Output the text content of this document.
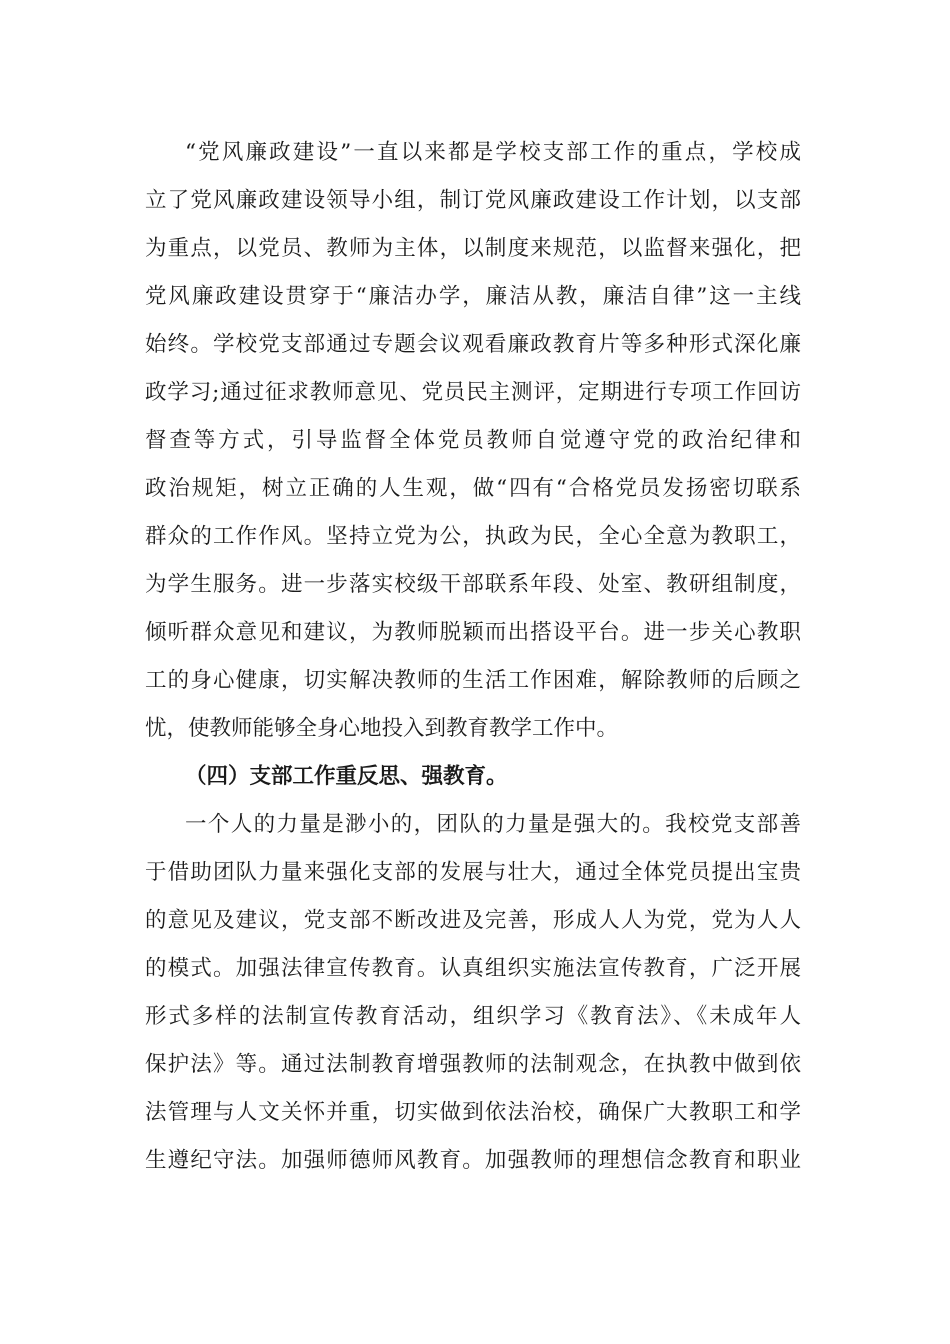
“党风廉政建设”一直以来都是学校支部工作的重点，学校成
立了党风廉政建设领导小组，制订党风廉政建设工作计划，以支部
为重点，以党员、教师为主体，以制度来规范，以监督来强化，把
党风廉政建设贯穿于“廉洁办学，廉洁从教，廉洁自律”这一主线
始终。学校党支部通过专题会议观看廉政教育片等多种形式深化廉
政学习;通过征求教师意见、党员民主测评，定期进行专项工作回访
督查等方式，引导监督全体党员教师自觉遵守党的政治纪律和
政治规矩，树立正确的人生观，做“四有“合格党员发扬密切联系
群众的工作作风。坚持立党为公，执政为民，全心全意为教职工，
为学生服务。进一步落实校级干部联系年段、处室、教研组制度，
倾听群众意见和建议，为教师脱颖而出搭设平台。进一步关心教职
工的身心健康，切实解决教师的生活工作困难，解除教师的后顾之
忧，使教师能够全身心地投入到教育教学工作中。
（四）支部工作重反思、强教育。
一个人的力量是渺小的，团队的力量是强大的。我校党支部善
于借助团队力量来强化支部的发展与壮大，通过全体党员提出宝贵
的意见及建议，党支部不断改进及完善，形成人人为党，党为人人
的模式。加强法律宣传教育。认真组织实施法宣传教育，广泛开展
形式多样的法制宣传教育活动，组织学习《教育法》、《未成年人
保护法》等。通过法制教育增强教师的法制观念，在执教中做到依
法管理与人文关怀并重，切实做到依法治校，确保广大教职工和学
生遵纪守法。加强师德师风教育。加强教师的理想信念教育和职业
